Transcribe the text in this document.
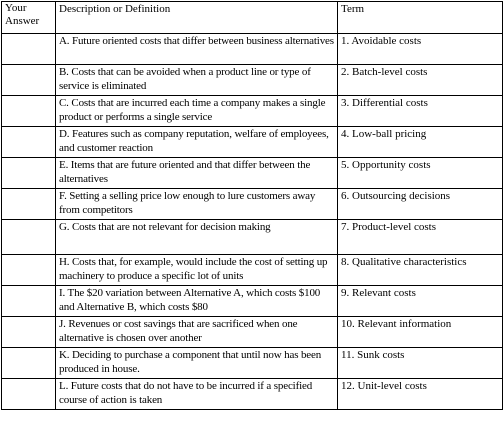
Your Answer	Description or Definition	Term
	A. Future oriented costs that differ between business alternatives	1. Avoidable costs
	B. Costs that can be avoided when a product line or type of service is eliminated	2. Batch-level costs
	C. Costs that are incurred each time a company makes a single product or performs a single service	3. Differential costs
	D. Features such as company reputation, welfare of employees, and customer reaction	4. Low-ball pricing
	E. Items that are future oriented and that differ between the alternatives	5. Opportunity costs
	F. Setting a selling price low enough to lure customers away from competitors	6. Outsourcing decisions
	G. Costs that are not relevant for decision making	7. Product-level costs
	H. Costs that, for example, would include the cost of setting up machinery to produce a specific lot of units	8. Qualitative characteristics
	I. The $20 variation between Alternative A, which costs $100 and Alternative B, which costs $80	9. Relevant costs
	J. Revenues or cost savings that are sacrificed when one alternative is chosen over another	10. Relevant information
	K. Deciding to purchase a component that until now has been produced in house.	11. Sunk costs
	L. Future costs that do not have to be incurred if a specified course of action is taken	12. Unit-level costs
